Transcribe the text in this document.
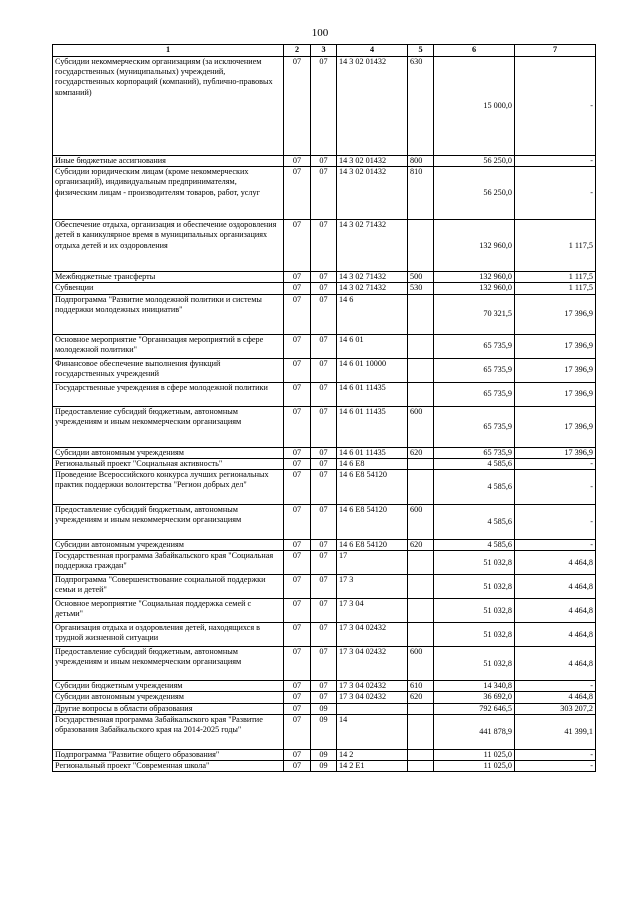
100
1	2	3	4	5	6	7
Субсидии некоммерческим организациям (за исключением государственных (муниципальных) учреждений, государственных корпораций (компаний), публично-правовых компаний)	07	07	14 3 02 01432	630	15 000,0	-
Иные бюджетные ассигнования	07	07	14 3 02 01432	800	56 250,0	-
Субсидии юридическим лицам (кроме некоммерческих организаций), индивидуальным предпринимателям, физическим лицам - производителям товаров, работ, услуг	07	07	14 3 02 01432	810	56 250,0	-
Обеспечение отдыха, организация и обеспечение оздоровления детей в каникулярное время в муниципальных организациях отдыха детей и их оздоровления	07	07	14 3 02 71432		132 960,0	1 117,5
Межбюджетные трансферты	07	07	14 3 02 71432	500	132 960,0	1 117,5
Субвенции	07	07	14 3 02 71432	530	132 960,0	1 117,5
Подпрограмма "Развитие молодежной политики и системы поддержки молодежных инициатив"	07	07	14 6		70 321,5	17 396,9
Основное мероприятие "Организация мероприятий в сфере молодежной политики"	07	07	14 6 01		65 735,9	17 396,9
Финансовое обеспечение выполнения функций государственных учреждений	07	07	14 6 01 10000		65 735,9	17 396,9
Государственные учреждения в сфере молодежной политики	07	07	14 6 01 11435		65 735,9	17 396,9
Предоставление субсидий бюджетным, автономным учреждениям и иным некоммерческим организациям	07	07	14 6 01 11435	600	65 735,9	17 396,9
Субсидии автономным учреждениям	07	07	14 6 01 11435	620	65 735,9	17 396,9
Региональный проект "Социальная активность"	07	07	14 6 E8		4 585,6	-
Проведение Всероссийского конкурса лучших региональных практик поддержки волонтерства "Регион добрых дел"	07	07	14 6 E8 54120		4 585,6	-
Предоставление субсидий бюджетным, автономным учреждениям и иным некоммерческим организациям	07	07	14 6 E8 54120	600	4 585,6	-
Субсидии автономным учреждениям	07	07	14 6 E8 54120	620	4 585,6	-
Государственная программа Забайкальского края "Социальная поддержка граждан"	07	07	17		51 032,8	4 464,8
Подпрограмма "Совершенствование социальной поддержки семьи и детей"	07	07	17 3		51 032,8	4 464,8
Основное мероприятие "Социальная поддержка семей с детьми"	07	07	17 3 04		51 032,8	4 464,8
Организация отдыха и оздоровления детей, находящихся в трудной жизненной ситуации	07	07	17 3 04 02432		51 032,8	4 464,8
Предоставление субсидий бюджетным, автономным учреждениям и иным некоммерческим организациям	07	07	17 3 04 02432	600	51 032,8	4 464,8
Субсидии бюджетным учреждениям	07	07	17 3 04 02432	610	14 340,8	-
Субсидии автономным учреждениям	07	07	17 3 04 02432	620	36 692,0	4 464,8
Другие вопросы в области образования	07	09			792 646,5	303 207,2
Государственная программа Забайкальского края "Развитие образования Забайкальского края на 2014-2025 годы"	07	09	14		441 878,9	41 399,1
Подпрограмма "Развитие общего образования"	07	09	14 2		11 025,0	-
Региональный проект "Современная школа"	07	09	14 2 E1		11 025,0	-
